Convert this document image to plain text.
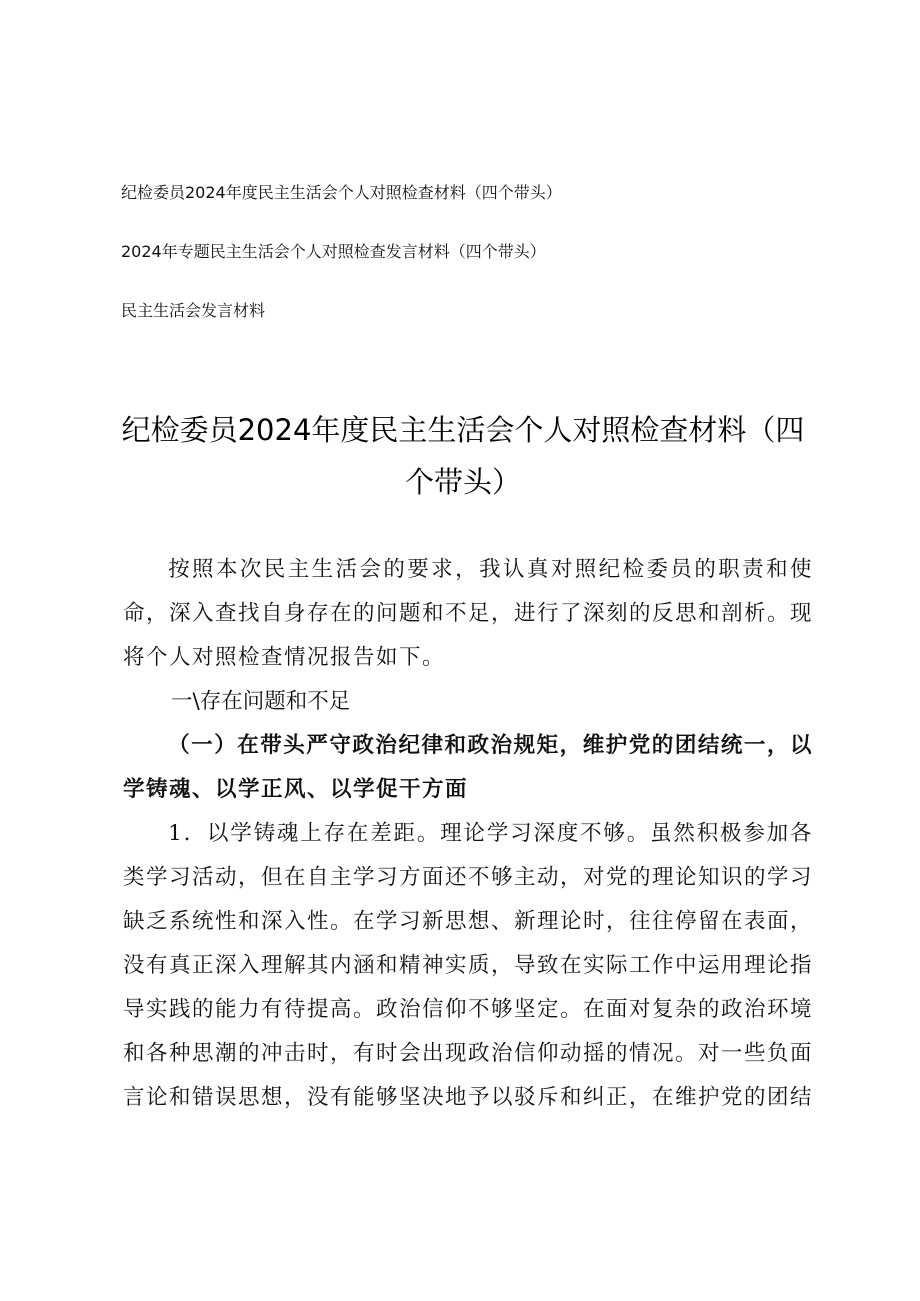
纪检委员2024年度民主生活会个人对照检查材料（四个带头）
2024年专题民主生活会个人对照检查发言材料（四个带头）
民主生活会发言材料
纪检委员2024年度民主生活会个人对照检查材料（四个带头）

按照本次民主生活会的要求，我认真对照纪检委员的职责和使命，深入查找自身存在的问题和不足，进行了深刻的反思和剖析。现将个人对照检查情况报告如下。

一\存在问题和不足

（一）在带头严守政治纪律和政治规矩，维护党的团结统一，以学铸魂、以学正风、以学促干方面

1．以学铸魂上存在差距。理论学习深度不够。虽然积极参加各类学习活动，但在自主学习方面还不够主动，对党的理论知识的学习缺乏系统性和深入性。在学习新思想、新理论时，往往停留在表面，没有真正深入理解其内涵和精神实质，导致在实际工作中运用理论指导实践的能力有待提高。政治信仰不够坚定。在面对复杂的政治环境和各种思潮的冲击时，有时会出现政治信仰动摇的情况。对一些负面言论和错误思想，没有能够坚决地予以驳斥和纠正，在维护党的团结
